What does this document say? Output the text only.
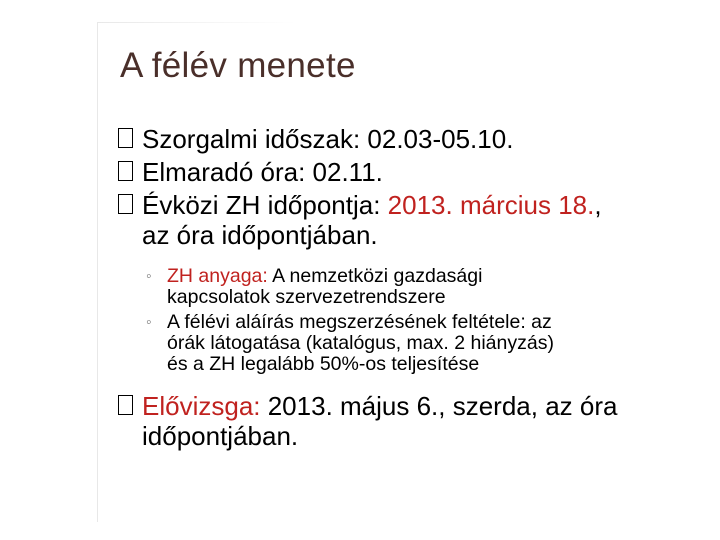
A félév menete
Szorgalmi időszak: 02.03-05.10.
Elmaradó óra: 02.11.
Évközi ZH időpontja: 2013. március 18.,
az óra időpontjában.
◦ ZH anyaga: A nemzetközi gazdasági
kapcsolatok szervezetrendszere
◦ A félévi aláírás megszerzésének feltétele: az
órák látogatása (katalógus, max. 2 hiányzás)
és a ZH legalább 50%-os teljesítése
Elővizsga: 2013. május 6., szerda, az óra
időpontjában.
